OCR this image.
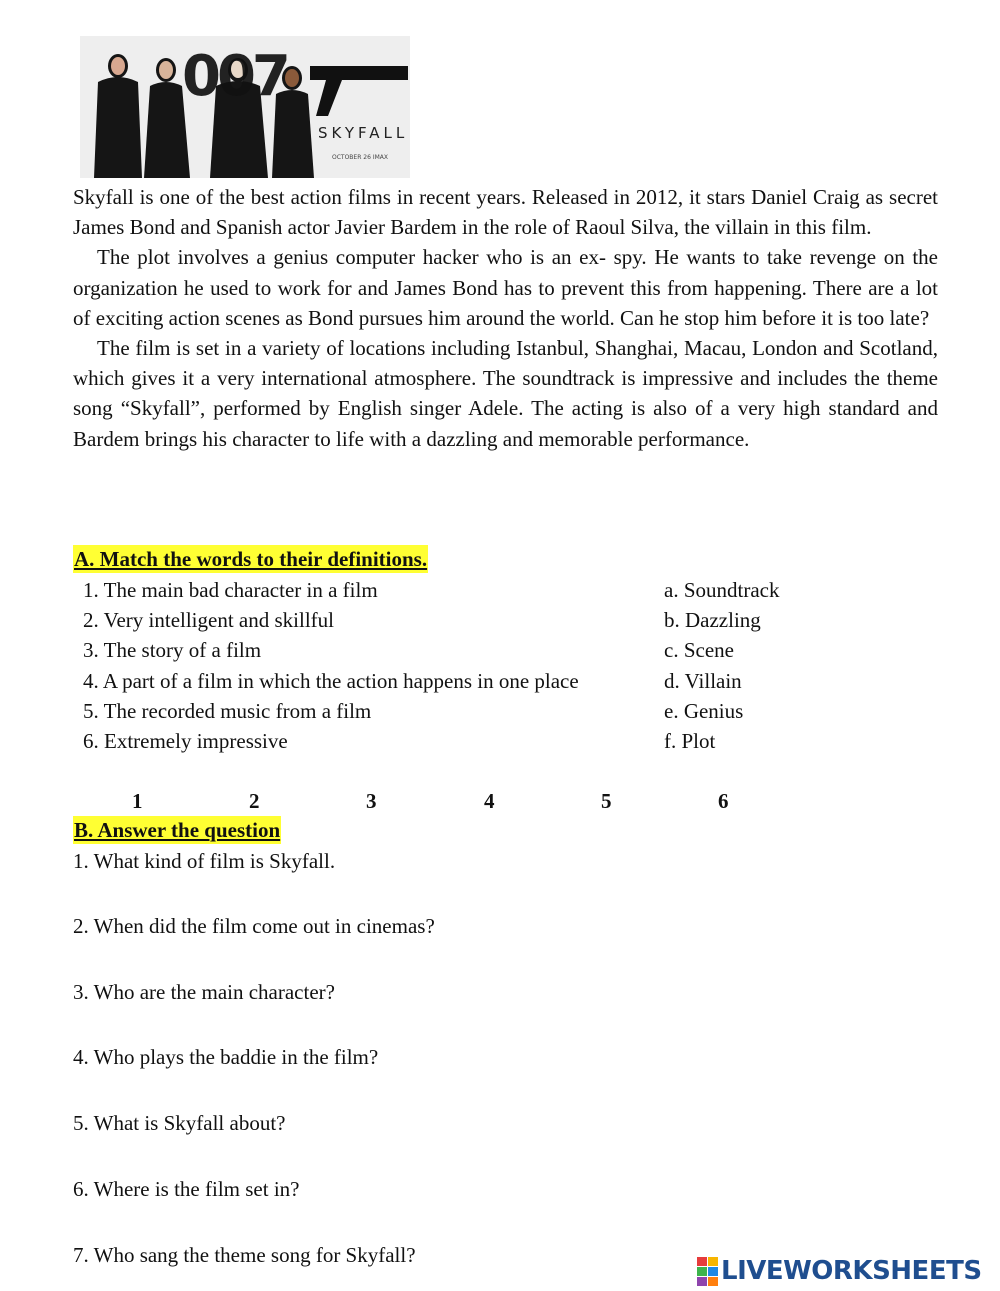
007
SKYFALL
OCTOBER 26 IMAX

Skyfall is one of the best action films in recent years. Released in 2012, it stars Daniel Craig as secret James Bond and Spanish actor Javier Bardem in the role of Raoul Silva, the villain in this film.

The plot involves a genius computer hacker who is an ex- spy. He wants to take revenge on the organization he used to work for and James Bond has to prevent this from happening. There are a lot of exciting action scenes as Bond pursues him around the world. Can he stop him before it is too late?

The film is set in a variety of locations including Istanbul, Shanghai, Macau, London and Scotland, which gives it a very international atmosphere. The soundtrack is impressive and includes the theme song “Skyfall”, performed by English singer Adele. The acting is also of a very high standard and Bardem brings his character to life with a dazzling and memorable performance.

A. Match the words to their definitions.
1. The main bad character in a film	a. Soundtrack
2. Very intelligent and skillful	b. Dazzling
3. The story of a film	c. Scene
4. A part of a film in which the action happens in one place	d. Villain
5. The recorded music from a film	e. Genius
6. Extremely impressive	f. Plot
1	2	3	4	5	6
B. Answer the question
1. What kind of film is Skyfall.
2. When did the film come out in cinemas?
3. Who are the main character?
4. Who plays the baddie in the film?
5. What is Skyfall about?
6. Where is the film set in?
7. Who sang the theme song for Skyfall?
LIVEWORKSHEETS
